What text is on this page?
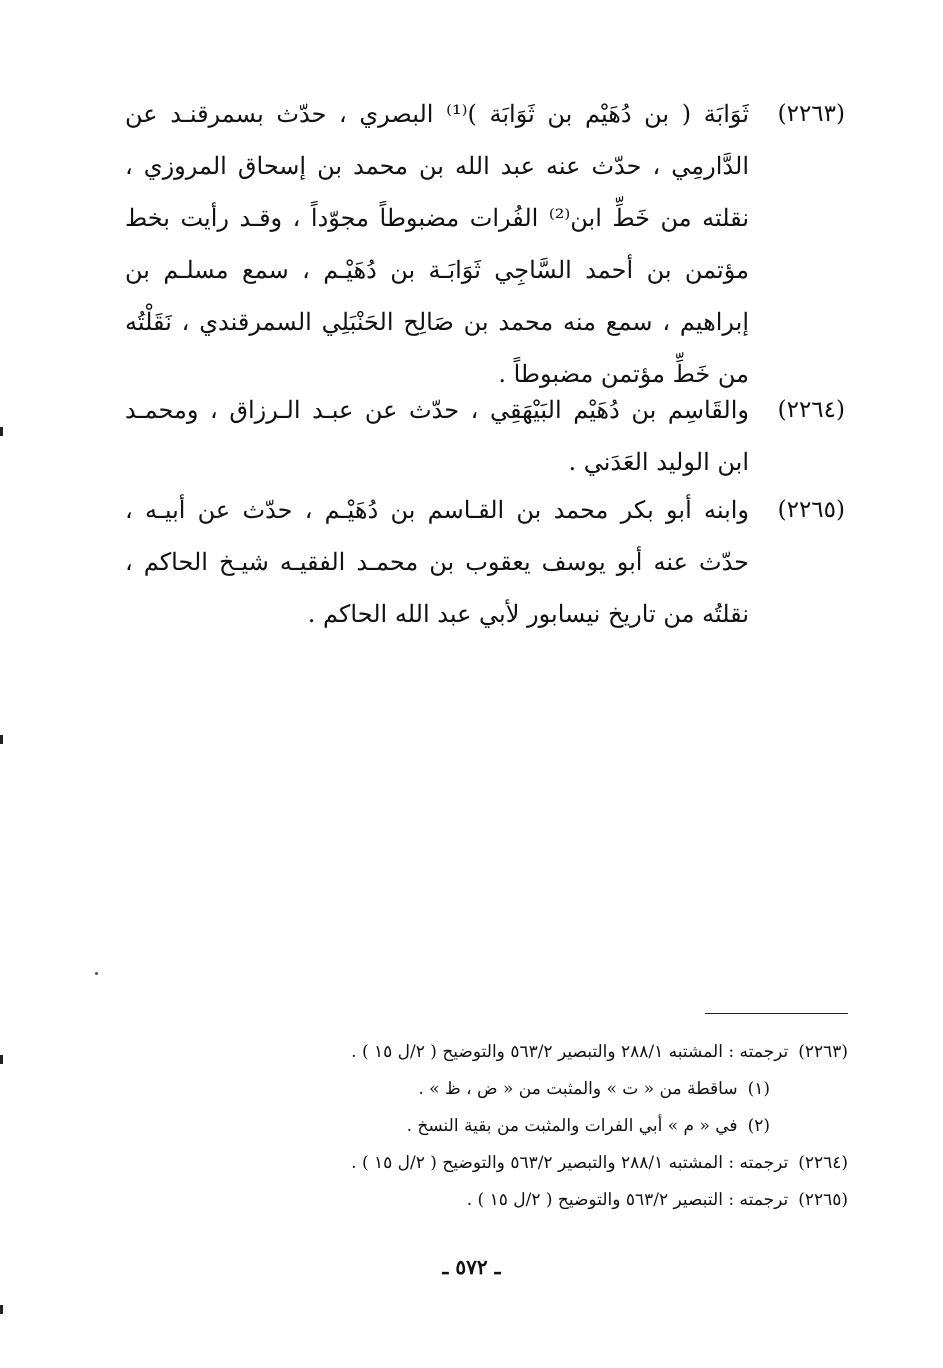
(٢٢٦٣)
ثَوَابَة ( بن دُهَيْم بن ثَوَابَة )⁽¹⁾ البصري ، حدّث بسمرقنـد عن
الدَّارمِي ، حدّث عنه عبد الله بن محمد بن إسحاق المروزي ،
نقلته من خَطِّ ابن⁽²⁾ الفُرات مضبوطاً مجوّداً ، وقـد رأيت بخط
مؤتمن بن أحمد السَّاجِي ثَوَابَـة بن دُهَيْـم ، سمع مسلـم بن
إبراهيم ، سمع منه محمد بن صَالِح الحَنْبَلِي السمرقندي ، نَقَلْتُه
من خَطِّ مؤتمن مضبوطاً .
(٢٢٦٤)
والقَاسِم بن دُهَيْم البَيْهَقِي ، حدّث عن عبـد الـرزاق ، ومحمـد
ابن الوليد العَدَني .
(٢٢٦٥)
وابنه أبو بكر محمد بن القـاسم بن دُهَيْـم ، حدّث عن أبيـه ،
حدّث عنه أبو يوسف يعقوب بن محمـد الفقيـه شيـخ الحاكم ،
نقلتُه من تاريخ نيسابور لأبي عبد الله الحاكم .
(٢٢٦٣)ترجمته : المشتبه ٢٨٨/١ والتبصير ٥٦٣/٢ والتوضيح ( ٢/ل ١٥ ) .
(١)ساقطة من « ت » والمثبت من « ض ، ظ » .
(٢)في « م » أبي الفرات والمثبت من بقية النسخ .
(٢٢٦٤)ترجمته : المشتبه ٢٨٨/١ والتبصير ٥٦٣/٢ والتوضيح ( ٢/ل ١٥ ) .
(٢٢٦٥)ترجمته : التبصير ٥٦٣/٢ والتوضيح ( ٢/ل ١٥ ) .
ـ ٥٧٢ ـ
